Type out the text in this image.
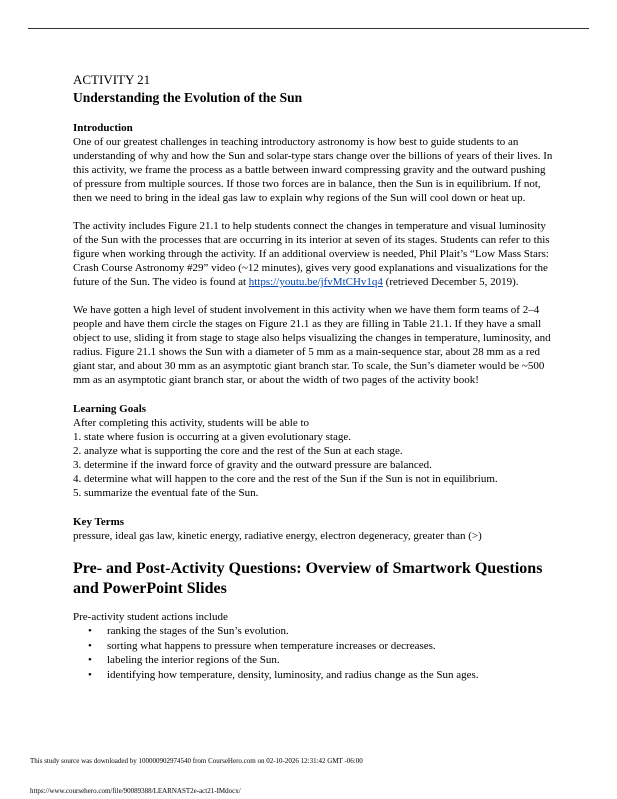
ACTIVITY 21
Understanding the Evolution of the Sun
Introduction

One of our greatest challenges in teaching introductory astronomy is how best to guide students to an understanding of why and how the Sun and solar-type stars change over the billions of years of their lives. In this activity, we frame the process as a battle between inward compressing gravity and the outward pushing of pressure from multiple sources. If those two forces are in balance, then the Sun is in equilibrium. If not, then we need to bring in the ideal gas law to explain why regions of the Sun will cool down or heat up.

The activity includes Figure 21.1 to help students connect the changes in temperature and visual luminosity of the Sun with the processes that are occurring in its interior at seven of its stages. Students can refer to this figure when working through the activity. If an additional overview is needed, Phil Plait’s “Low Mass Stars: Crash Course Astronomy #29” video (~12 minutes), gives very good explanations and visualizations for the future of the Sun. The video is found at https://youtu.be/jfvMtCHv1q4 (retrieved December 5, 2019).

We have gotten a high level of student involvement in this activity when we have them form teams of 2–4 people and have them circle the stages on Figure 21.1 as they are filling in Table 21.1. If they have a small object to use, sliding it from stage to stage also helps visualizing the changes in temperature, luminosity, and radius. Figure 21.1 shows the Sun with a diameter of 5 mm as a main-sequence star, about 28 mm as a red giant star, and about 30 mm as an asymptotic giant branch star. To scale, the Sun’s diameter would be ~500 mm as an asymptotic giant branch star, or about the width of two pages of the activity book!

Learning Goals

After completing this activity, students will be able to

1. state where fusion is occurring at a given evolutionary stage.
2. analyze what is supporting the core and the rest of the Sun at each stage.
3. determine if the inward force of gravity and the outward pressure are balanced.
4. determine what will happen to the core and the rest of the Sun if the Sun is not in equilibrium.
5. summarize the eventual fate of the Sun.
Key Terms

pressure, ideal gas law, kinetic energy, radiative energy, electron degeneracy, greater than (>)

Pre- and Post-Activity Questions: Overview of Smartwork Questions and PowerPoint Slides

Pre-activity student actions include

• ranking the stages of the Sun’s evolution.
• sorting what happens to pressure when temperature increases or decreases.
• labeling the interior regions of the Sun.
• identifying how temperature, density, luminosity, and radius change as the Sun ages.
This study source was downloaded by 100000902974540 from CourseHero.com on 02-10-2026 12:31:42 GMT -06:00
https://www.coursehero.com/file/90089388/LEARNAST2e-act21-IMdocx/
